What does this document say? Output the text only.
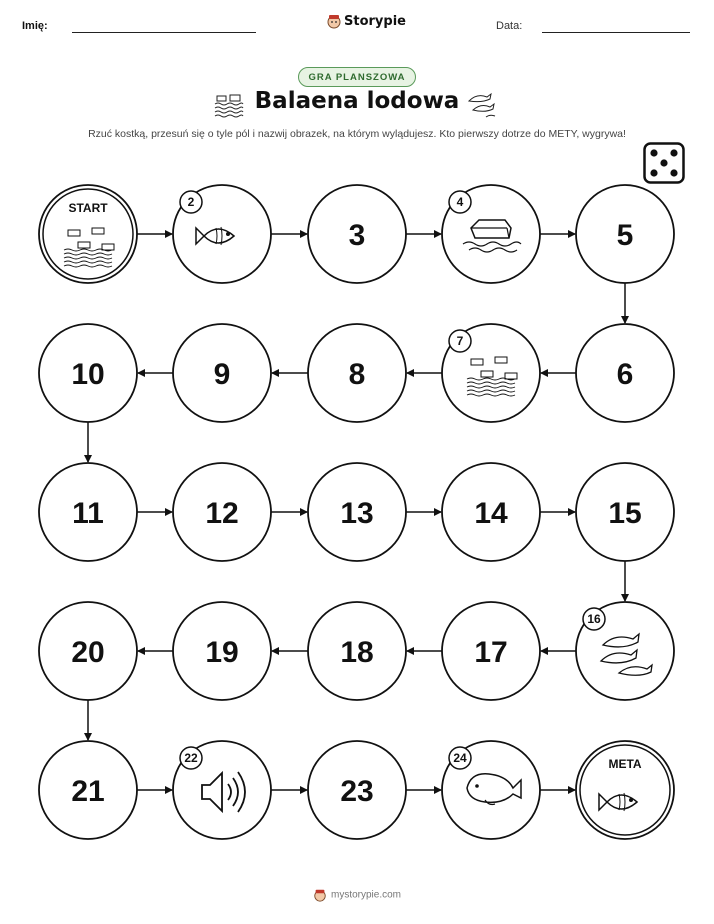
Imię:	Storypie	Data:
GRA PLANSZOWA
Balaena lodowa
Rzuć kostką, przesuń się o tyle pól i nazwij obrazek, na którym wylądujesz. Kto pierwszy dotrze do METY, wygrywa!
START	2
3
4
5
6
7
8
9
10
11	12	13	14	15
16
17
18
19
20
21
22
23
24	META
mystorypie.com
